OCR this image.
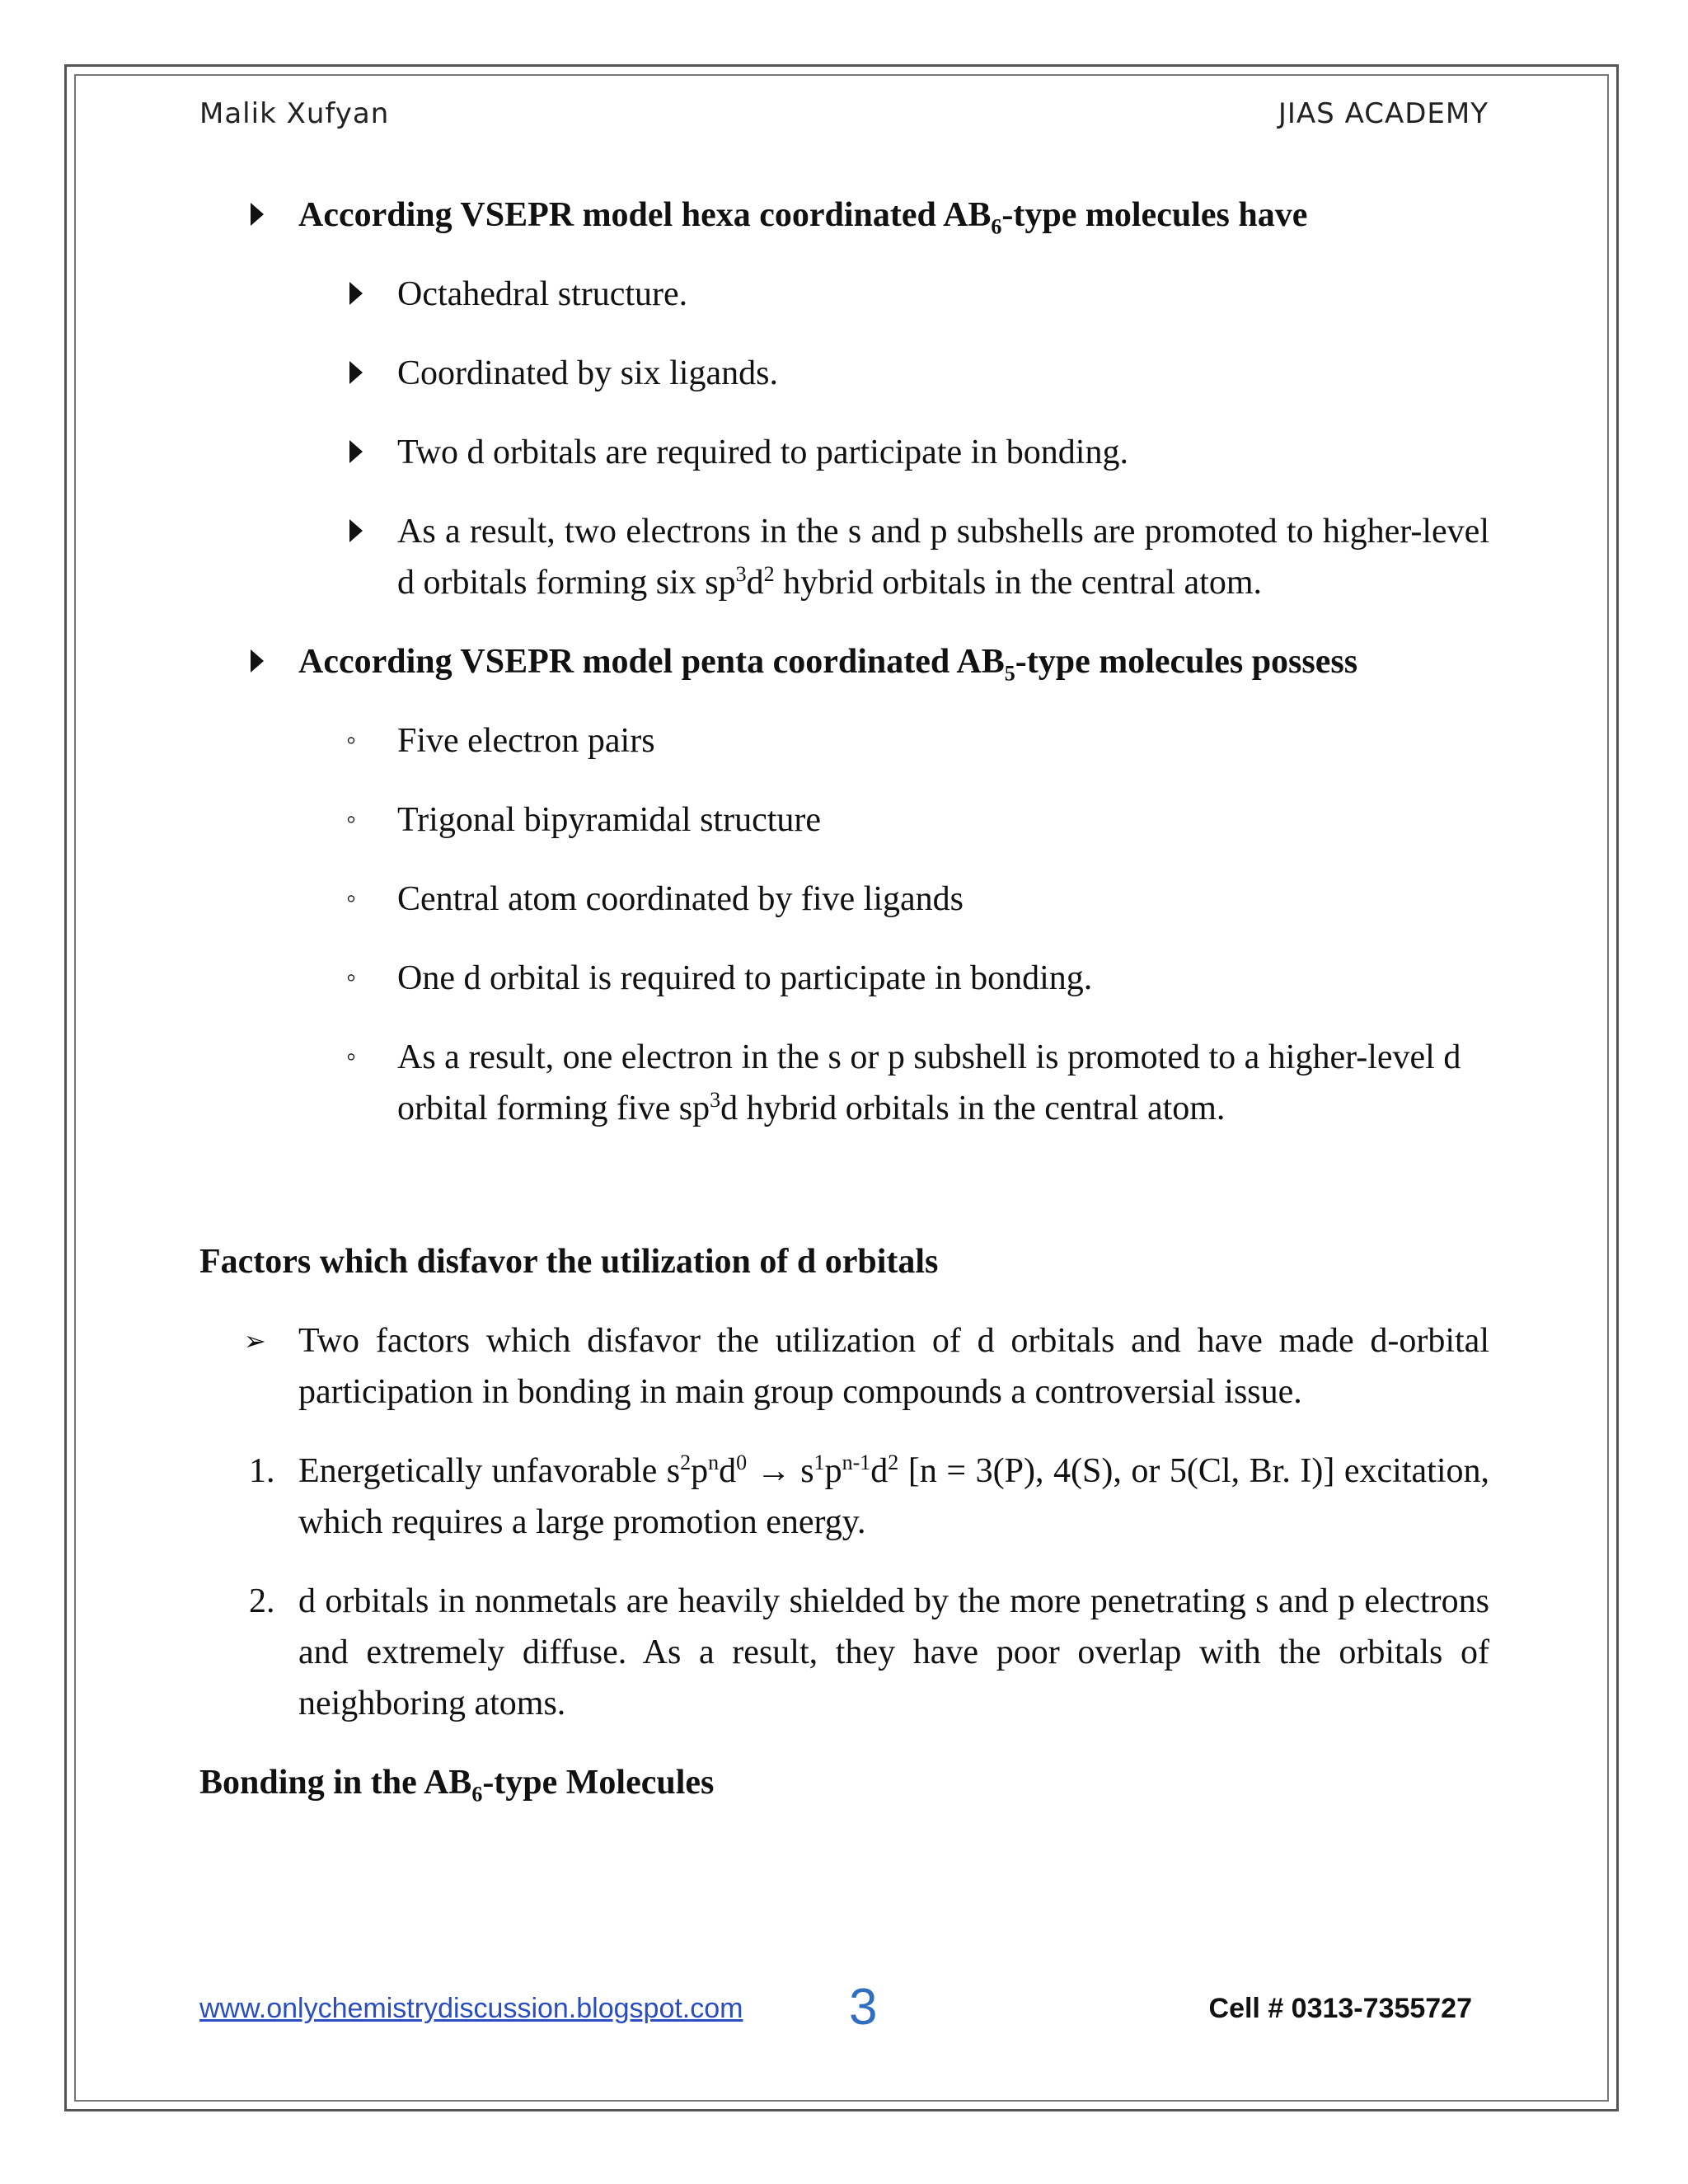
Malik Xufyan	JIAS ACADEMY
According VSEPR model hexa coordinated $AB_6$-type molecules have
Octahedral structure.
Coordinated by six ligands.
Two d orbitals are required to participate in bonding.
As a result, two electrons in the s and p subshells are promoted to higher-level d orbitals forming six $sp^3d^2$ hybrid orbitals in the central atom.
According VSEPR model penta coordinated $AB_5$-type molecules possess
◦ Five electron pairs
◦ Trigonal bipyramidal structure
◦ Central atom coordinated by five ligands
◦ One d orbital is required to participate in bonding.
◦ As a result, one electron in the s or p subshell is promoted to a higher-level d orbital forming five $sp^3d$ hybrid orbitals in the central atom.
Factors which disfavor the utilization of d orbitals
➢ Two factors which disfavor the utilization of d orbitals and have made d-orbital participation in bonding in main group compounds a controversial issue.
1. Energetically unfavorable $s^2p^nd^0 \to s^1p^{n-1}d^2$ [n = 3(P), 4(S), or 5(Cl, Br. I)] excitation, which requires a large promotion energy.
2. d orbitals in nonmetals are heavily shielded by the more penetrating s and p electrons and extremely diffuse. As a result, they have poor overlap with the orbitals of neighboring atoms.
Bonding in the $AB_6$-type Molecules
www.onlychemistrydiscussion.blogspot.com 3	Cell # 0313-7355727
